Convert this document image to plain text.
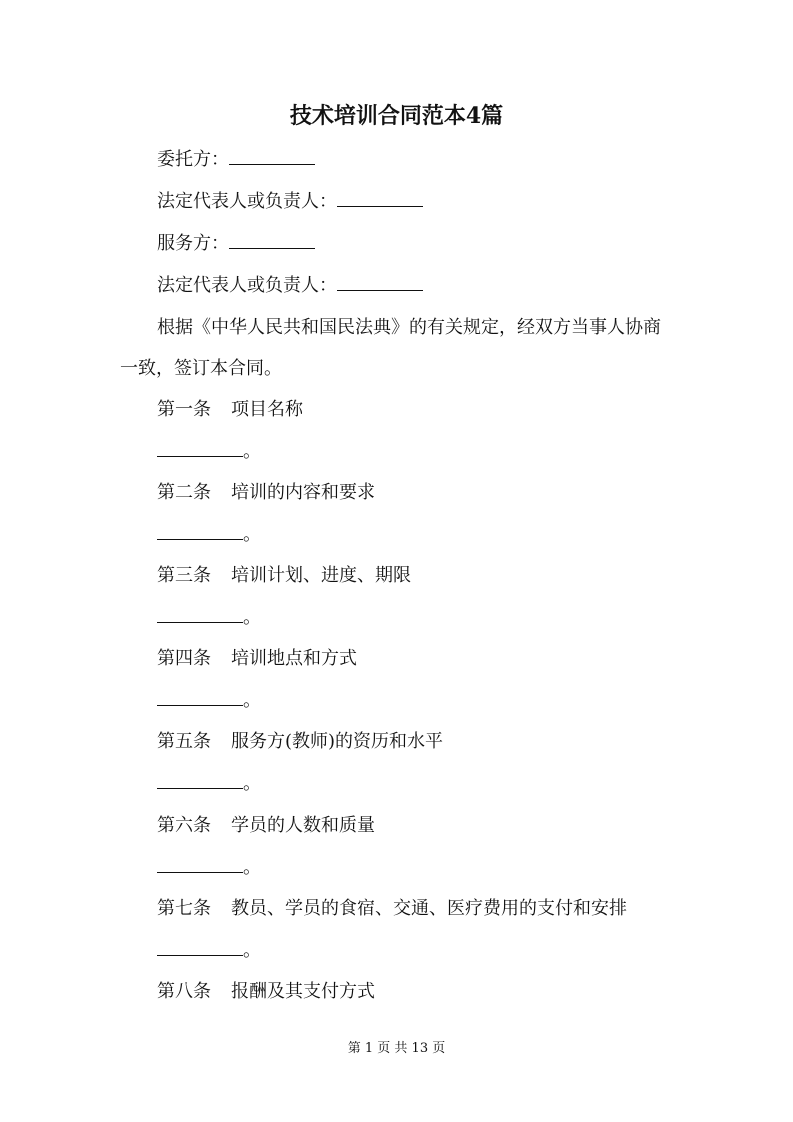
技术培训合同范本4篇
委托方：
法定代表人或负责人：
服务方：
法定代表人或负责人：
根据《中华人民共和国民法典》的有关规定，经双方当事人协商
一致，签订本合同。
第一条 项目名称
。
第二条 培训的内容和要求
。
第三条 培训计划、进度、期限
。
第四条 培训地点和方式
。
第五条 服务方(教师)的资历和水平
。
第六条 学员的人数和质量
。
第七条 教员、学员的食宿、交通、医疗费用的支付和安排
。
第八条 报酬及其支付方式
第 1 页 共 13 页
